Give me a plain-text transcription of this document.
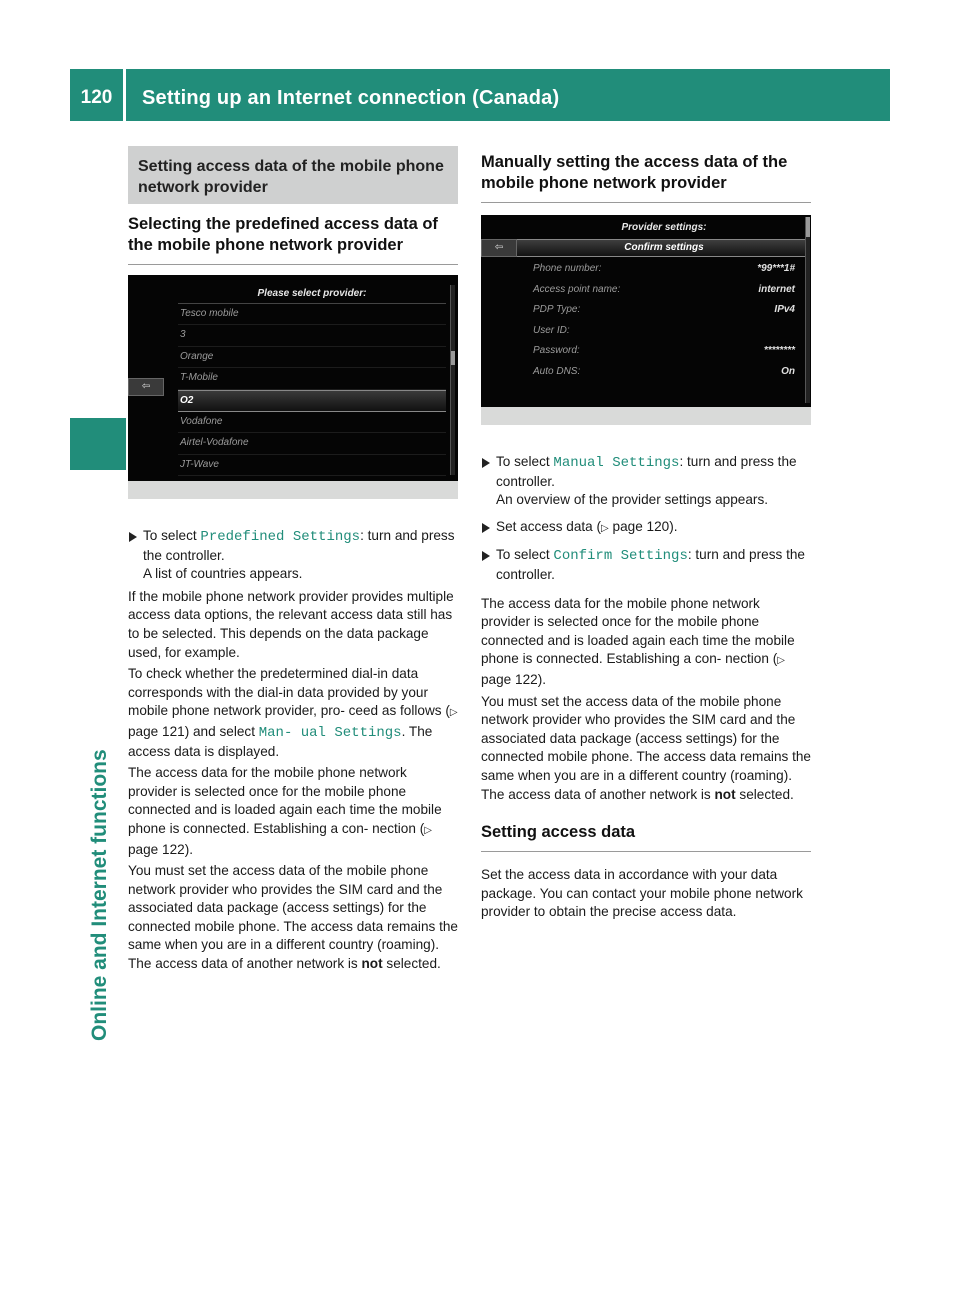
120	Setting up an Internet connection (Canada)
Online and Internet functions
Setting access data of the mobile phone network provider
Selecting the predefined access data of the mobile phone network provider
⇦
Please select provider:
Tesco mobile
3
Orange
T-Mobile
O2
Vodafone
Airtel-Vodafone
JT-Wave
P82.87-9803-31

To select Predefined Settings: turn and press the controller.
A list of countries appears.

If the mobile phone network provider provides multiple access data options, the relevant access data still has to be selected. This depends on the data package used, for example.

To check whether the predetermined dial-in data corresponds with the dial-in data provided by your mobile phone network provider, pro- ceed as follows (▷ page 121) and select Man- ual Settings. The access data is displayed.

The access data for the mobile phone network provider is selected once for the mobile phone connected and is loaded again each time the mobile phone is connected. Establishing a con- nection (▷ page 122).

You must set the access data of the mobile phone network provider who provides the SIM card and the associated data package (access settings) for the connected mobile phone. The access data remains the same when you are in a different country (roaming). The access data of another network is not selected.

Manually setting the access data of the mobile phone network provider
Provider settings:
⇦	Confirm settings
Phone number:	*99***1#
Access point name:	internet
PDP Type:	IPv4
User ID:
Password:	********
Auto DNS:	On
P82.89-0552-31

To select Manual Settings: turn and press the controller.
An overview of the provider settings appears.

Set access data (▷ page 120).

To select Confirm Settings: turn and press the controller.

The access data for the mobile phone network provider is selected once for the mobile phone connected and is loaded again each time the mobile phone is connected. Establishing a con- nection (▷ page 122).

You must set the access data of the mobile phone network provider who provides the SIM card and the associated data package (access settings) for the connected mobile phone. The access data remains the same when you are in a different country (roaming). The access data of another network is not selected.

Setting access data

Set the access data in accordance with your data package. You can contact your mobile phone network provider to obtain the precise access data.
